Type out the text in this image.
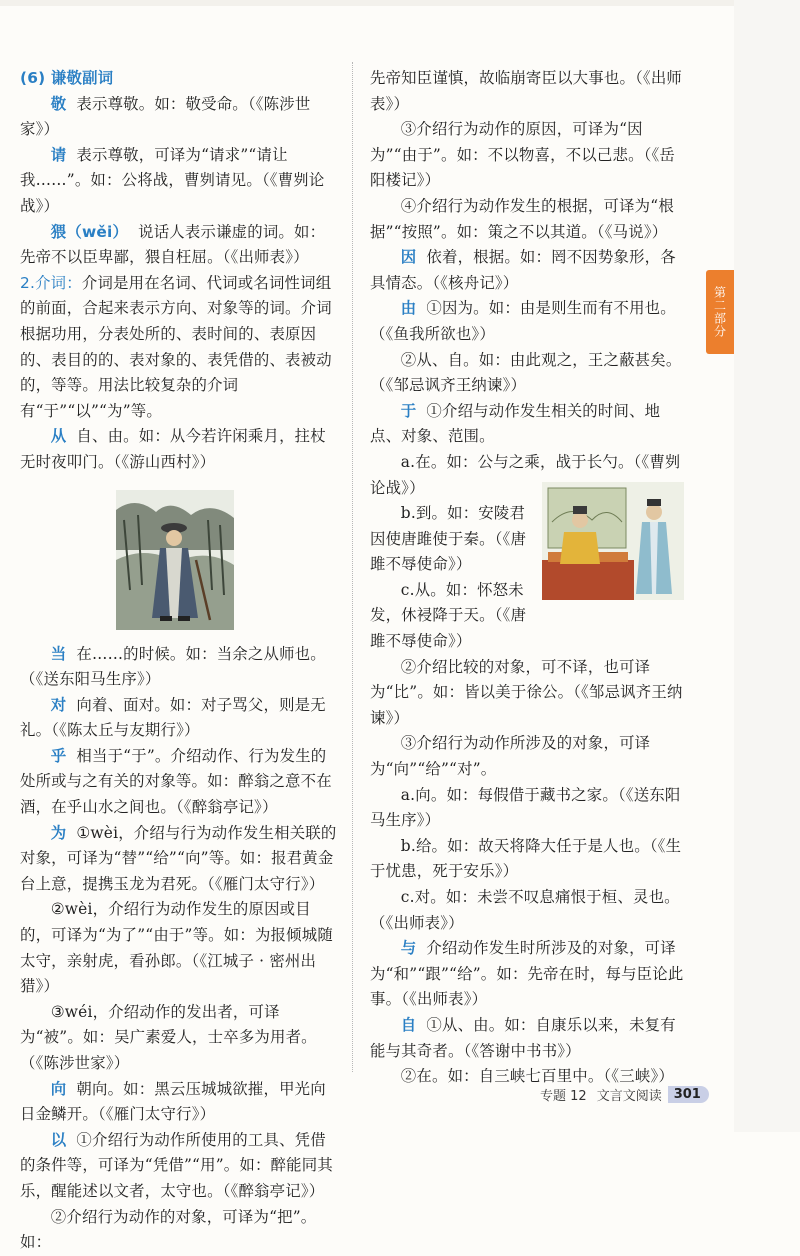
(6) 谦敬副词

敬 表示尊敬。如：敬受命。（《陈涉世家》）

请 表示尊敬，可译为“请求”“请让我……”。如：公将战，曹刿请见。（《曹刿论战》）

猥（wěi） 说话人表示谦虚的词。如：先帝不以臣卑鄙，猥自枉屈。（《出师表》）

2.介词：介词是用在名词、代词或名词性词组的前面，合起来表示方向、对象等的词。介词根据功用，分表处所的、表时间的、表原因的、表目的的、表对象的、表凭借的、表被动的，等等。用法比较复杂的介词有“于”“以”“为”等。

从 自、由。如：从今若许闲乘月，拄杖无时夜叩门。（《游山西村》）

当 在……的时候。如：当余之从师也。（《送东阳马生序》）

对 向着、面对。如：对子骂父，则是无礼。（《陈太丘与友期行》）

乎 相当于“于”。介绍动作、行为发生的处所或与之有关的对象等。如：醉翁之意不在酒，在乎山水之间也。（《醉翁亭记》）

为 ①wèi，介绍与行为动作发生相关联的对象，可译为“替”“给”“向”等。如：报君黄金台上意，提携玉龙为君死。（《雁门太守行》）

②wèi，介绍行为动作发生的原因或目的，可译为“为了”“由于”等。如：为报倾城随太守，亲射虎，看孙郎。（《江城子 · 密州出猎》）

③wéi，介绍动作的发出者，可译为“被”。如：吴广素爱人，士卒多为用者。（《陈涉世家》）

向 朝向。如：黑云压城城欲摧，甲光向日金鳞开。（《雁门太守行》）

以 ①介绍行为动作所使用的工具、凭借的条件等，可译为“凭借”“用”。如：醉能同其乐，醒能述以文者，太守也。（《醉翁亭记》）

②介绍行为动作的对象，可译为“把”。如：

先帝知臣谨慎，故临崩寄臣以大事也。（《出师表》）

③介绍行为动作的原因，可译为“因为”“由于”。如：不以物喜，不以己悲。（《岳阳楼记》）

④介绍行为动作发生的根据，可译为“根据”“按照”。如：策之不以其道。（《马说》）

因 依着，根据。如：罔不因势象形，各具情态。（《核舟记》）

由 ①因为。如：由是则生而有不用也。（《鱼我所欲也》）

②从、自。如：由此观之，王之蔽甚矣。（《邹忌讽齐王纳谏》）

于 ①介绍与动作发生相关的时间、地点、对象、范围。

a.在。如：公与之乘，战于长勺。（《曹刿论战》）

b.到。如：安陵君因使唐雎使于秦。（《唐雎不辱使命》）

c.从。如：怀怒未发，休祲降于天。（《唐雎不辱使命》）

②介绍比较的对象，可不译，也可译为“比”。如：皆以美于徐公。（《邹忌讽齐王纳谏》）

③介绍行为动作所涉及的对象，可译为“向”“给”“对”。

a.向。如：每假借于藏书之家。（《送东阳马生序》）

b.给。如：故天将降大任于是人也。（《生于忧患，死于安乐》）

c.对。如：未尝不叹息痛恨于桓、灵也。（《出师表》）

与 介绍动作发生时所涉及的对象，可译为“和”“跟”“给”。如：先帝在时，每与臣论此事。（《出师表》）

自 ①从、由。如：自康乐以来，未复有能与其奇者。（《答谢中书书》）

②在。如：自三峡七百里中。（《三峡》）

第二部分
专题 12 文言文阅读 301
